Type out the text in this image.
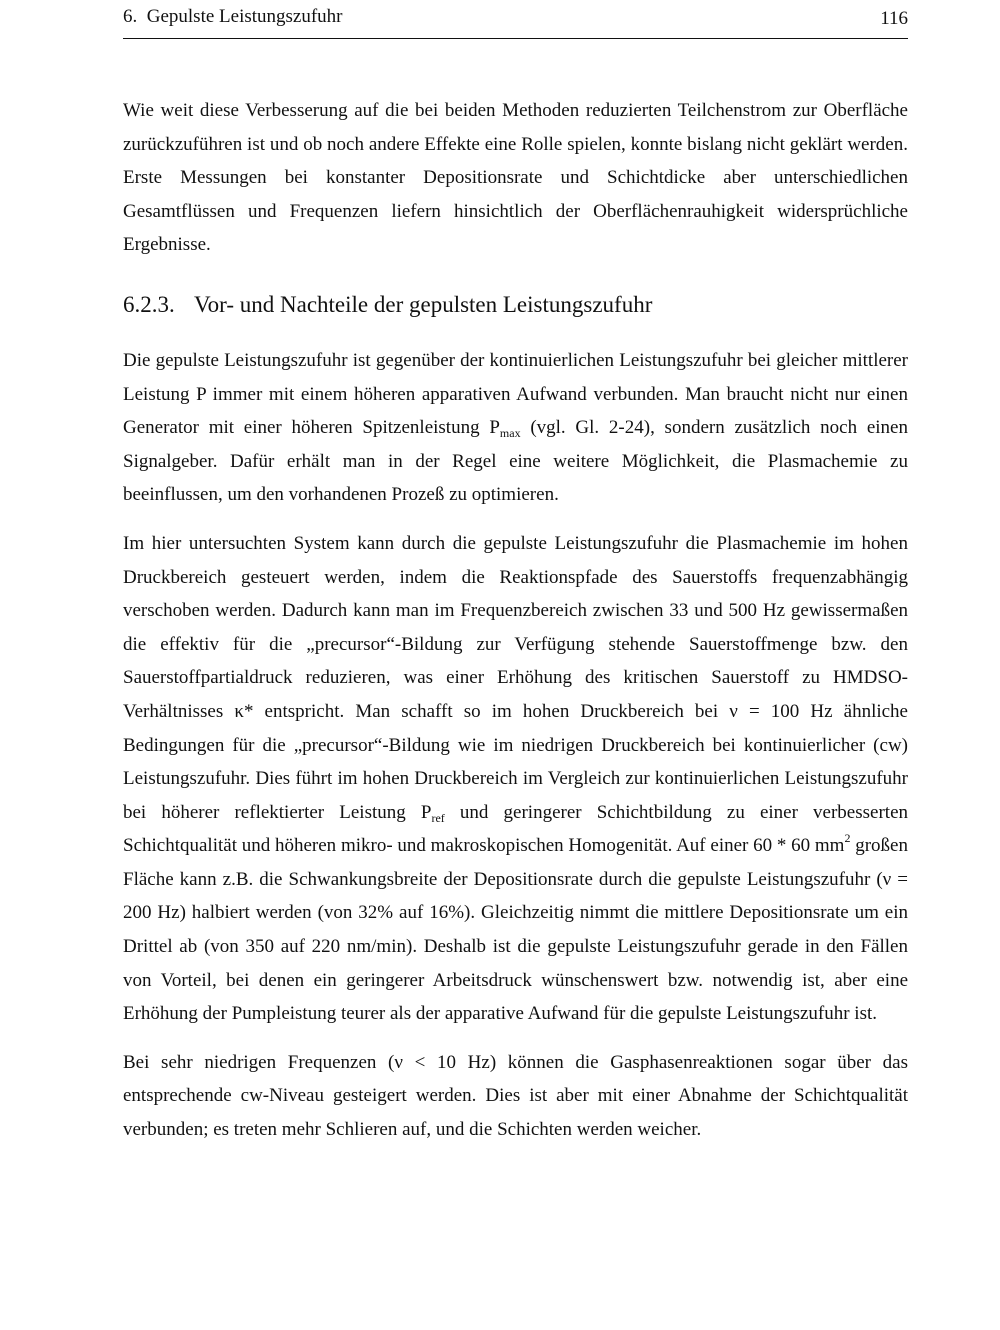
6.  Gepulste Leistungszufuhr	116

Wie weit diese Verbesserung auf die bei beiden Methoden reduzierten Teilchenstrom zur Oberfläche zurückzuführen ist und ob noch andere Effekte eine Rolle spielen, konnte bislang nicht geklärt werden. Erste Messungen bei konstanter Depositionsrate und Schichtdicke aber unterschiedlichen Gesamtflüssen und Frequenzen liefern hinsichtlich der Oberflächenrauhigkeit widersprüchliche Ergebnisse.

6.2.3. Vor- und Nachteile der gepulsten Leistungszufuhr

Die gepulste Leistungszufuhr ist gegenüber der kontinuierlichen Leistungszufuhr bei gleicher mittlerer Leistung P immer mit einem höheren apparativen Aufwand verbunden. Man braucht nicht nur einen Generator mit einer höheren Spitzenleistung $P_{max}$ (vgl. Gl. 2-24), sondern zusätzlich noch einen Signalgeber. Dafür erhält man in der Regel eine weitere Möglichkeit, die Plasmachemie zu beeinflussen, um den vorhandenen Prozeß zu optimieren.

Im hier untersuchten System kann durch die gepulste Leistungszufuhr die Plasmachemie im hohen Druckbereich gesteuert werden, indem die Reaktionspfade des Sauerstoffs frequenzabhängig verschoben werden. Dadurch kann man im Frequenzbereich zwischen 33 und 500 Hz gewissermaßen die effektiv für die „precursor“-Bildung zur Verfügung stehende Sauerstoffmenge bzw. den Sauerstoffpartialdruck reduzieren, was einer Erhöhung des kritischen Sauerstoff zu HMDSO-Verhältnisses κ* entspricht. Man schafft so im hohen Druckbereich bei ν = 100 Hz ähnliche Bedingungen für die „precursor“-Bildung wie im niedrigen Druckbereich bei kontinuierlicher (cw) Leistungszufuhr. Dies führt im hohen Druckbereich im Vergleich zur kontinuierlichen Leistungszufuhr bei höherer reflektierter Leistung $P_{ref}$ und geringerer Schichtbildung zu einer verbesserten Schichtqualität und höheren mikro- und makroskopischen Homogenität. Auf einer 60 * 60 $mm^2$ großen Fläche kann z.B. die Schwankungsbreite der Depositionsrate durch die gepulste Leistungszufuhr (ν = 200 Hz) halbiert werden (von 32% auf 16%). Gleichzeitig nimmt die mittlere Depositionsrate um ein Drittel ab (von 350 auf 220 nm/min). Deshalb ist die gepulste Leistungszufuhr gerade in den Fällen von Vorteil, bei denen ein geringerer Arbeitsdruck wünschenswert bzw. notwendig ist, aber eine Erhöhung der Pumpleistung teurer als der apparative Aufwand für die gepulste Leistungszufuhr ist.

Bei sehr niedrigen Frequenzen (ν < 10 Hz) können die Gasphasenreaktionen sogar über das entsprechende cw-Niveau gesteigert werden. Dies ist aber mit einer Abnahme der Schichtqualität verbunden; es treten mehr Schlieren auf, und die Schichten werden weicher.
